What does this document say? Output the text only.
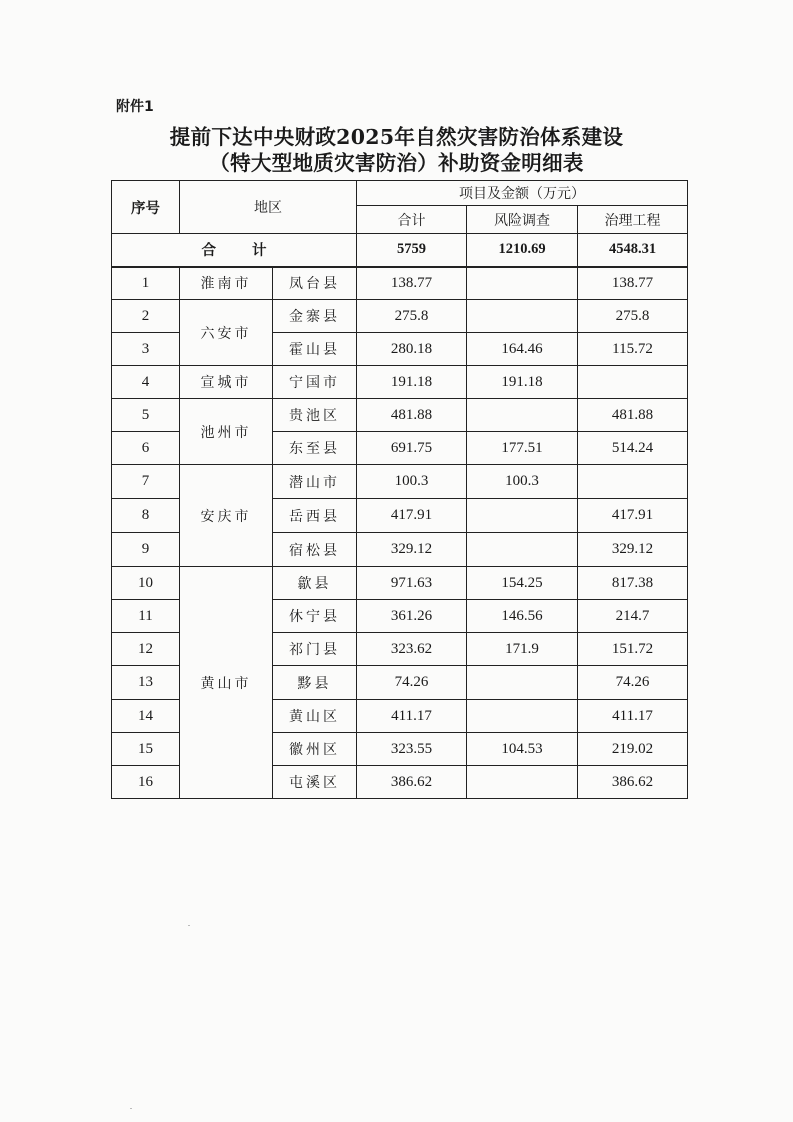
附件1
提前下达中央财政2025年自然灾害防治体系建设
（特大型地质灾害防治）补助资金明细表
序号	地区		项目及金额（万元）		
			合计	风险调查	治理工程
合 计			5759	1210.69	4548.31
1	淮南市	凤台县	138.77		138.77
2	六安市	金寨县	275.8		275.8
3		霍山县	280.18	164.46	115.72
4	宣城市	宁国市	191.18	191.18	
5	池州市	贵池区	481.88		481.88
6		东至县	691.75	177.51	514.24
7	安庆市	潜山市	100.3	100.3	
8		岳西县	417.91		417.91
9		宿松县	329.12		329.12
10	黄山市	歙县	971.63	154.25	817.38
11		休宁县	361.26	146.56	214.7
12		祁门县	323.62	171.9	151.72
13		黟县	74.26		74.26
14		黄山区	411.17		411.17
15		徽州区	323.55	104.53	219.02
16		屯溪区	386.62		386.62
